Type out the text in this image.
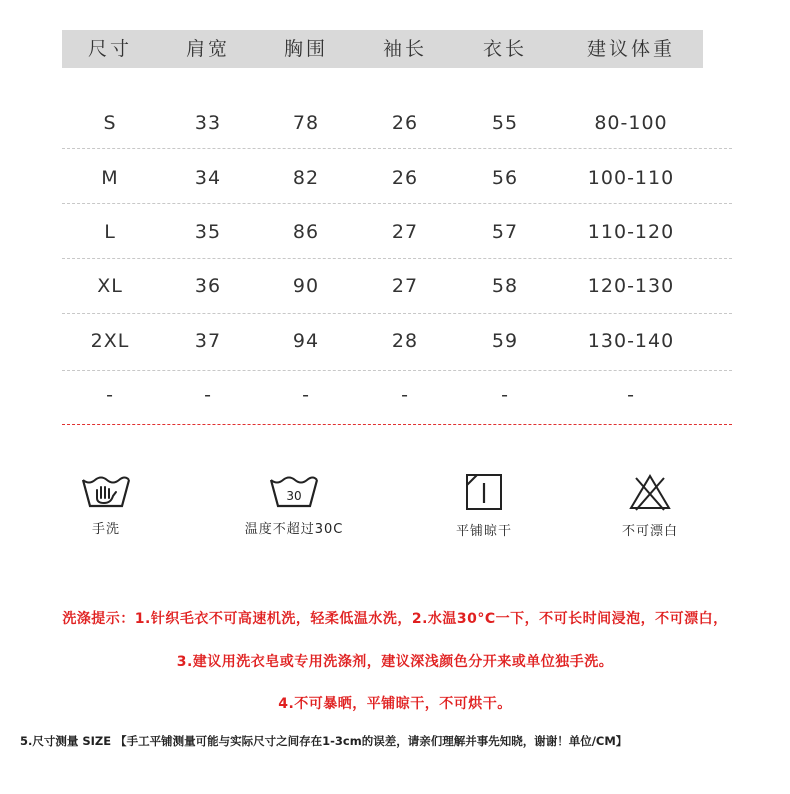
尺寸	肩宽	胸围	袖长	衣长	建议体重
S	33	78	26	55	80-100
M	34	82	26	56	100-110
L	35	86	27	57	110-120
XL	36	90	27	58	120-130
2XL	37	94	28	59	130-140
-	-	-	-	-	-
手洗
30
温度不超过30C	平铺晾干	不可漂白
洗涤提示：1.针织毛衣不可高速机洗，轻柔低温水洗，2.水温30°C一下，不可长时间浸泡，不可漂白，
3.建议用洗衣皂或专用洗涤剂，建议深浅颜色分开来或单位独手洗。
4.不可暴晒，平铺晾干，不可烘干。
5.尺寸测量 SIZE 【手工平铺测量可能与实际尺寸之间存在1-3cm的误差，请亲们理解并事先知晓，谢谢！单位/CM】
